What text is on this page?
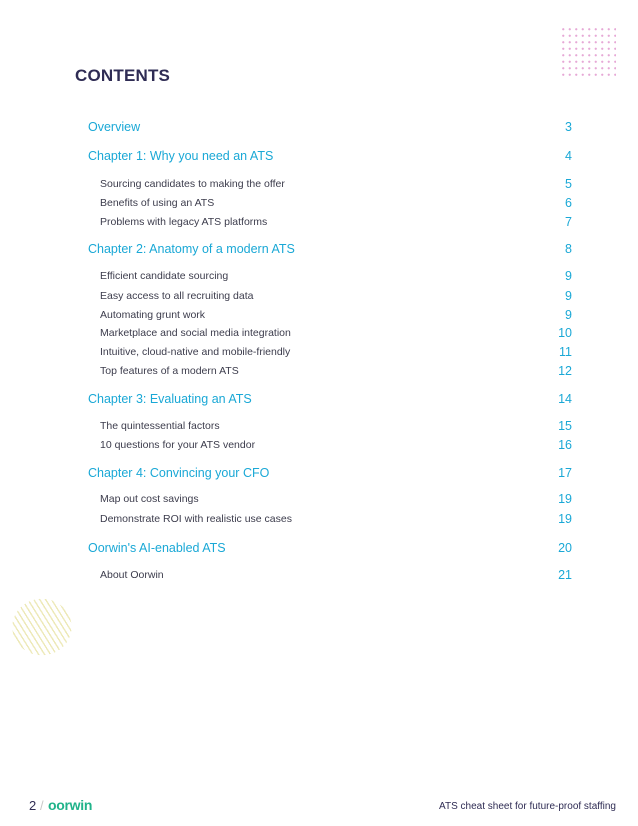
CONTENTS
Overview	3
Chapter 1: Why you need an ATS	4
Sourcing candidates to making the offer	5
Benefits of using an ATS	6
Problems with legacy ATS platforms	7
Chapter 2: Anatomy of a modern ATS	8
Efficient candidate sourcing	9
Easy access to all recruiting data	9
Automating grunt work	9
Marketplace and social media integration	10
Intuitive, cloud-native and mobile-friendly	11
Top features of a modern ATS	12
Chapter 3: Evaluating an ATS	14
The quintessential factors	15
10 questions for your ATS vendor	16
Chapter 4: Convincing your CFO	17
Map out cost savings	19
Demonstrate ROI with realistic use cases	19
Oorwin's AI-enabled ATS	20
About Oorwin	21
2 / oorwin	ATS cheat sheet for future-proof staffing
